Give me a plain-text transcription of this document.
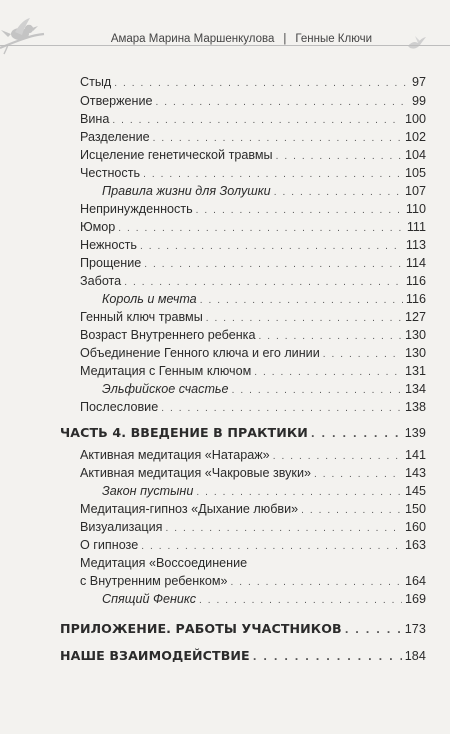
Амара Марина Маршенкулова | Генные Ключи
Стыд . . .	97
Отвержение . . .	99
Вина . . .	100
Разделение . . .	102
Исцеление генетической травмы . . .	104
Честность . . .	105
Правила жизни для Золушки . . .	107
Непринужденность . . .	110
Юмор . . .	111
Нежность . . .	113
Прощение . . .	114
Забота . . .	116
Король и мечта . . .	116
Генный ключ травмы . . .	127
Возраст Внутреннего ребенка . . .	130
Объединение Генного ключа и его линии . . .	130
Медитация с Генным ключом . . .	131
Эльфийское счастье . . .	134
Послесловие . . .	138
ЧАСТЬ 4. ВВЕДЕНИЕ В ПРАКТИКИ . . .	139
Активная медитация «Натараж» . . .	141
Активная медитация «Чакровые звуки» . . .	143
Закон пустыни . . .	145
Медитация-гипноз «Дыхание любви» . . .	150
Визуализация . . .	160
О гипнозе . . .	163
Медитация «Воссоединение
с Внутренним ребенком» . . .	164
Спящий Феникс . . .	169
ПРИЛОЖЕНИЕ. РАБОТЫ УЧАСТНИКОВ . . .	173
НАШЕ ВЗАИМОДЕЙСТВИЕ . . .	184
